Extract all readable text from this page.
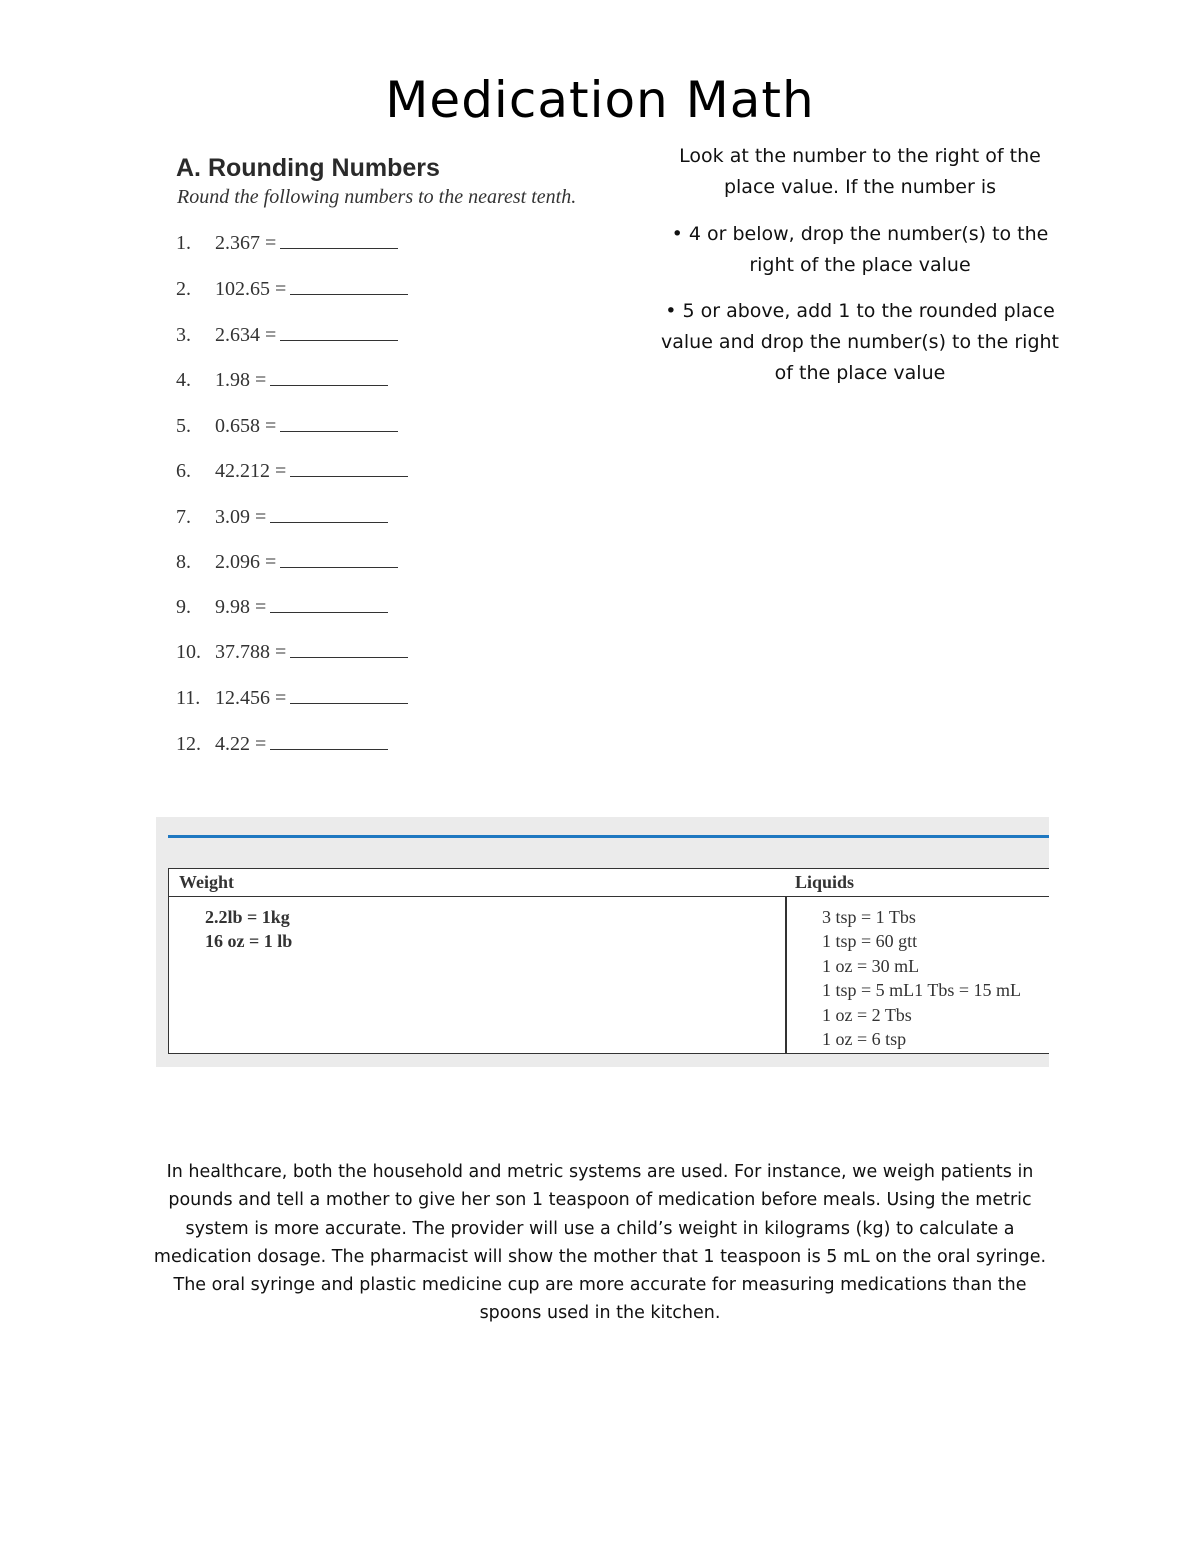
Medication Math
A. Rounding Numbers
Round the following numbers to the nearest tenth.
1. 2.367 =
2. 102.65 =
3. 2.634 =
4. 1.98 =
5. 0.658 =
6. 42.212 =
7. 3.09 =
8. 2.096 =
9. 9.98 =
10. 37.788 =
11. 12.456 =
12. 4.22 =
Look at the number to the right of the place value. If the number is
• 4 or below, drop the number(s) to the right of the place value
• 5 or above, add 1 to the rounded place value and drop the number(s) to the right of the place value
Weight	Liquids
2.2lb = 1kg
16 oz = 1 lb
3 tsp = 1 Tbs
1 tsp = 60 gtt
1 oz = 30 mL
1 tsp = 5 mL1 Tbs = 15 mL
1 oz = 2 Tbs
1 oz = 6 tsp
In healthcare, both the household and metric systems are used. For instance, we weigh patients in pounds and tell a mother to give her son 1 teaspoon of medication before meals. Using the metric system is more accurate. The provider will use a child’s weight in kilograms (kg) to calculate a medication dosage. The pharmacist will show the mother that 1 teaspoon is 5 mL on the oral syringe. The oral syringe and plastic medicine cup are more accurate for measuring medications than the spoons used in the kitchen.
